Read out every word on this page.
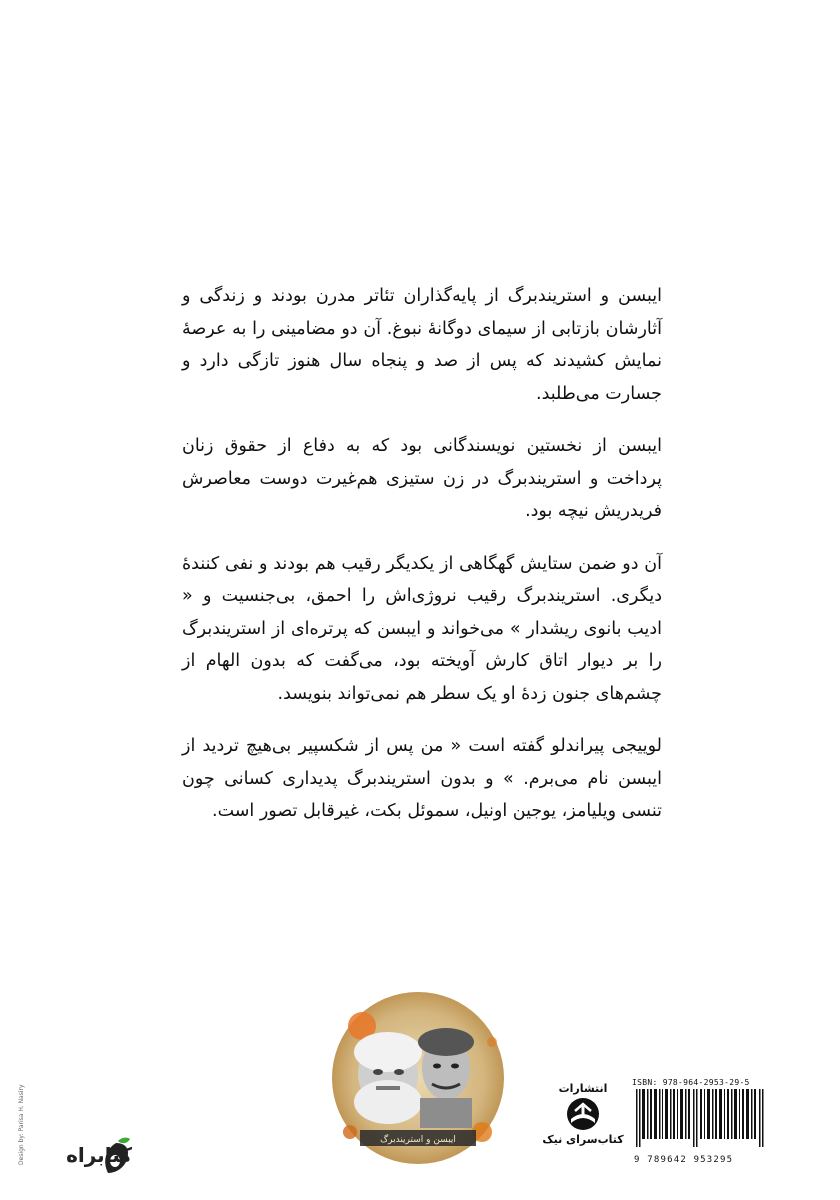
ایبسن و استریندبرگ از پایه‌گذاران تئاتر مدرن بودند و زندگی و آثارشان بازتابی از سیمای دوگانهٔ نبوغ. آن دو مضامینی را به عرصهٔ نمایش کشیدند که پس از صد و پنجاه سال هنوز تازگی دارد و جسارت می‌طلبد.

ایبسن از نخستین نویسندگانی بود که به دفاع از حقوق زنان پرداخت و استریندبرگ در زن ستیزی هم‌غیرت دوست معاصرش فریدریش نیچه بود.

آن دو ضمن ستایش گهگاهی از یکدیگر رقیب هم بودند و نفی کنندهٔ دیگری. استریندبرگ رقیب نروژی‌اش را احمق، بی‌جنسیت و « ادیب بانوی ریشدار » می‌خواند و ایبسن که پرتره‌ای از استریندبرگ را بر دیوار اتاق کارش آویخته بود، می‌گفت که بدون الهام از چشم‌های جنون زدهٔ او یک سطر هم نمی‌تواند بنویسد.

لوییجی پیراندلو گفته است « من پس از شکسپیر بی‌هیچ تردید از ایبسن نام می‌برم. » و بدون استریندبرگ پدیداری کسانی چون تنسی ویلیامز، یوجین اونیل، سموئل بکت، غیرقابل تصور است.

ایبسن و استریندبرگ
Design by: Parisa H. Nasiry کتابراه
انتشارات
کتاب‌سرای نیک
ISBN: 978-964-2953-29-5
9 789642 953295
